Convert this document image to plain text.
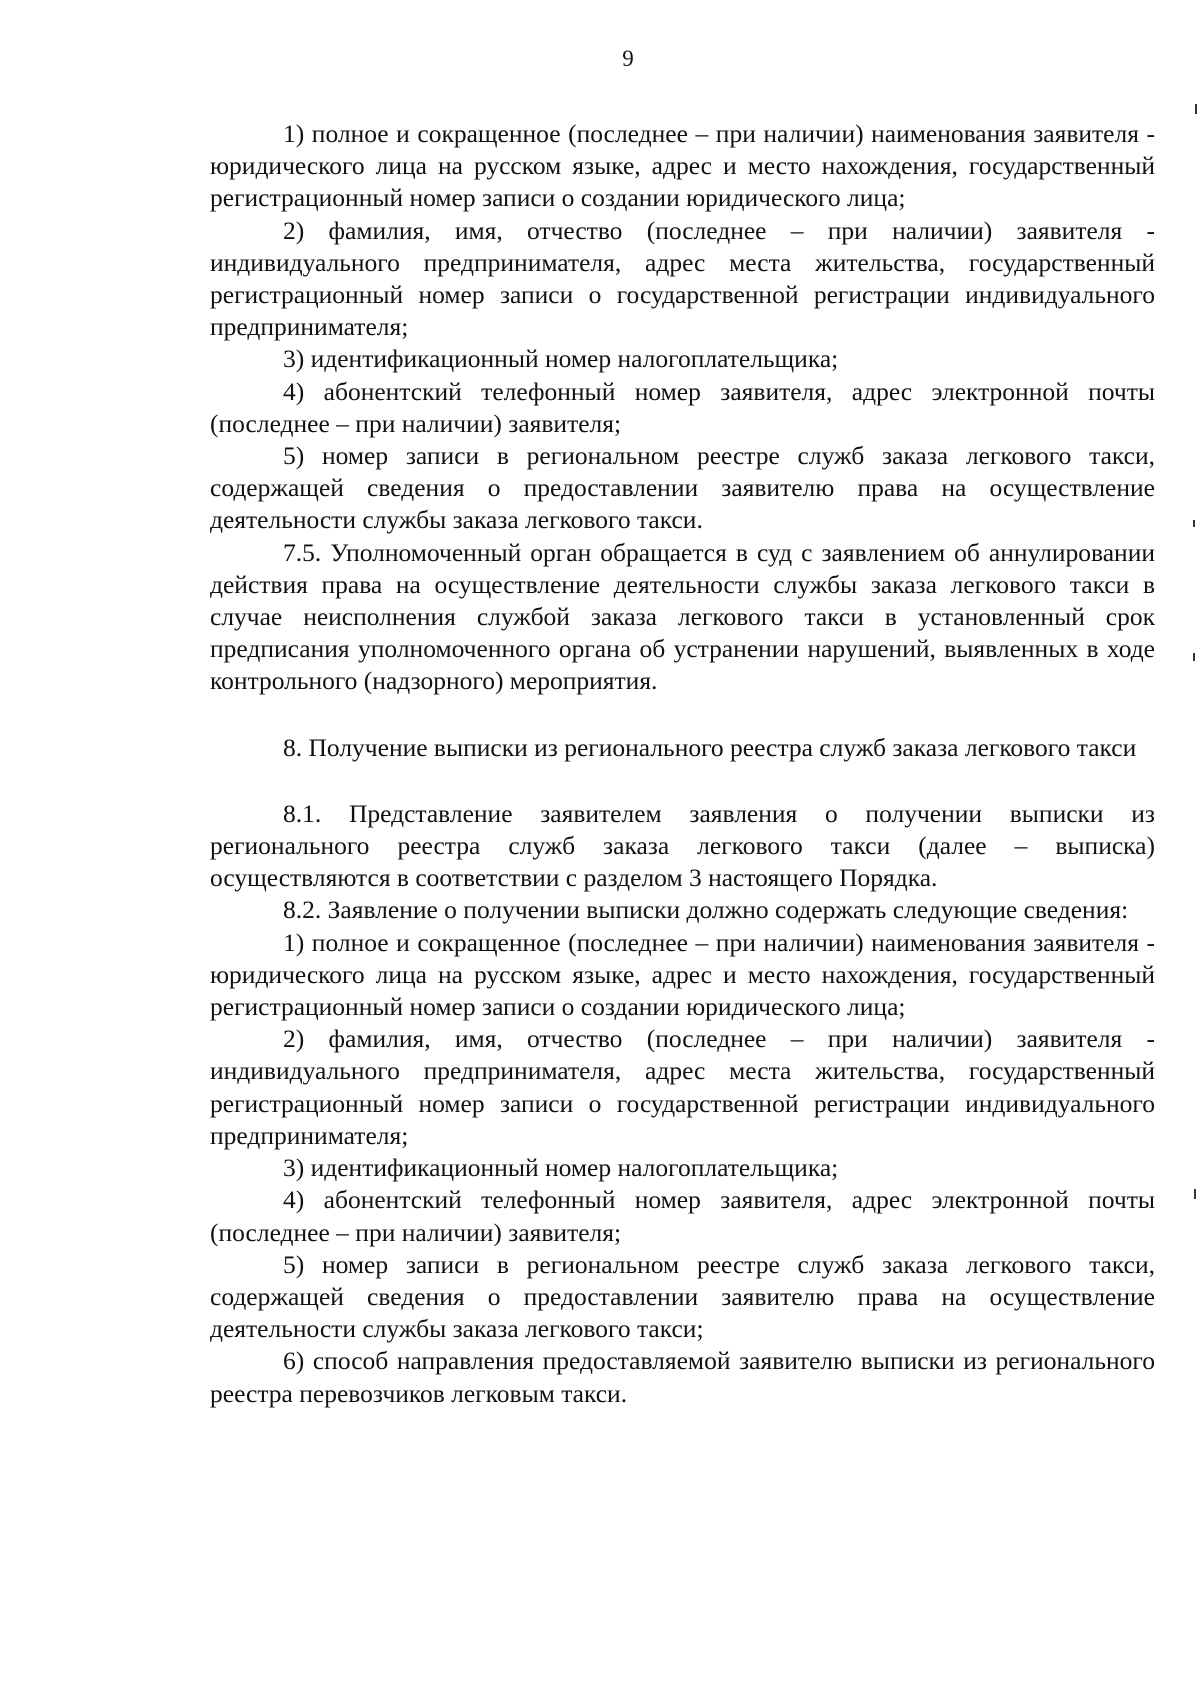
9

1) полное и сокращенное (последнее – при наличии) наименования заявителя - юридического лица на русском языке, адрес и место нахождения, государственный регистрационный номер записи о создании юридического лица;

2) фамилия, имя, отчество (последнее – при наличии) заявителя - индивидуального предпринимателя, адрес места жительства, государственный регистрационный номер записи о государственной регистрации индивидуального предпринимателя;

3) идентификационный номер налогоплательщика;

4) абонентский телефонный номер заявителя, адрес электронной почты (последнее – при наличии) заявителя;

5) номер записи в региональном реестре служб заказа легкового такси, содержащей сведения о предоставлении заявителю права на осуществление деятельности службы заказа легкового такси.

7.5. Уполномоченный орган обращается в суд с заявлением об аннулировании действия права на осуществление деятельности службы заказа легкового такси в случае неисполнения службой заказа легкового такси в установленный срок предписания уполномоченного органа об устранении нарушений, выявленных в ходе контрольного (надзорного) мероприятия.

8. Получение выписки из регионального реестра служб заказа легкового такси

8.1. Представление заявителем заявления о получении выписки из регионального реестра служб заказа легкового такси (далее – выписка) осуществляются в соответствии с разделом 3 настоящего Порядка.

8.2. Заявление о получении выписки должно содержать следующие сведения:

1) полное и сокращенное (последнее – при наличии) наименования заявителя - юридического лица на русском языке, адрес и место нахождения, государственный регистрационный номер записи о создании юридического лица;

2) фамилия, имя, отчество (последнее – при наличии) заявителя - индивидуального предпринимателя, адрес места жительства, государственный регистрационный номер записи о государственной регистрации индивидуального предпринимателя;

3) идентификационный номер налогоплательщика;

4) абонентский телефонный номер заявителя, адрес электронной почты (последнее – при наличии) заявителя;

5) номер записи в региональном реестре служб заказа легкового такси, содержащей сведения о предоставлении заявителю права на осуществление деятельности службы заказа легкового такси;

6) способ направления предоставляемой заявителю выписки из регионального реестра перевозчиков легковым такси.
